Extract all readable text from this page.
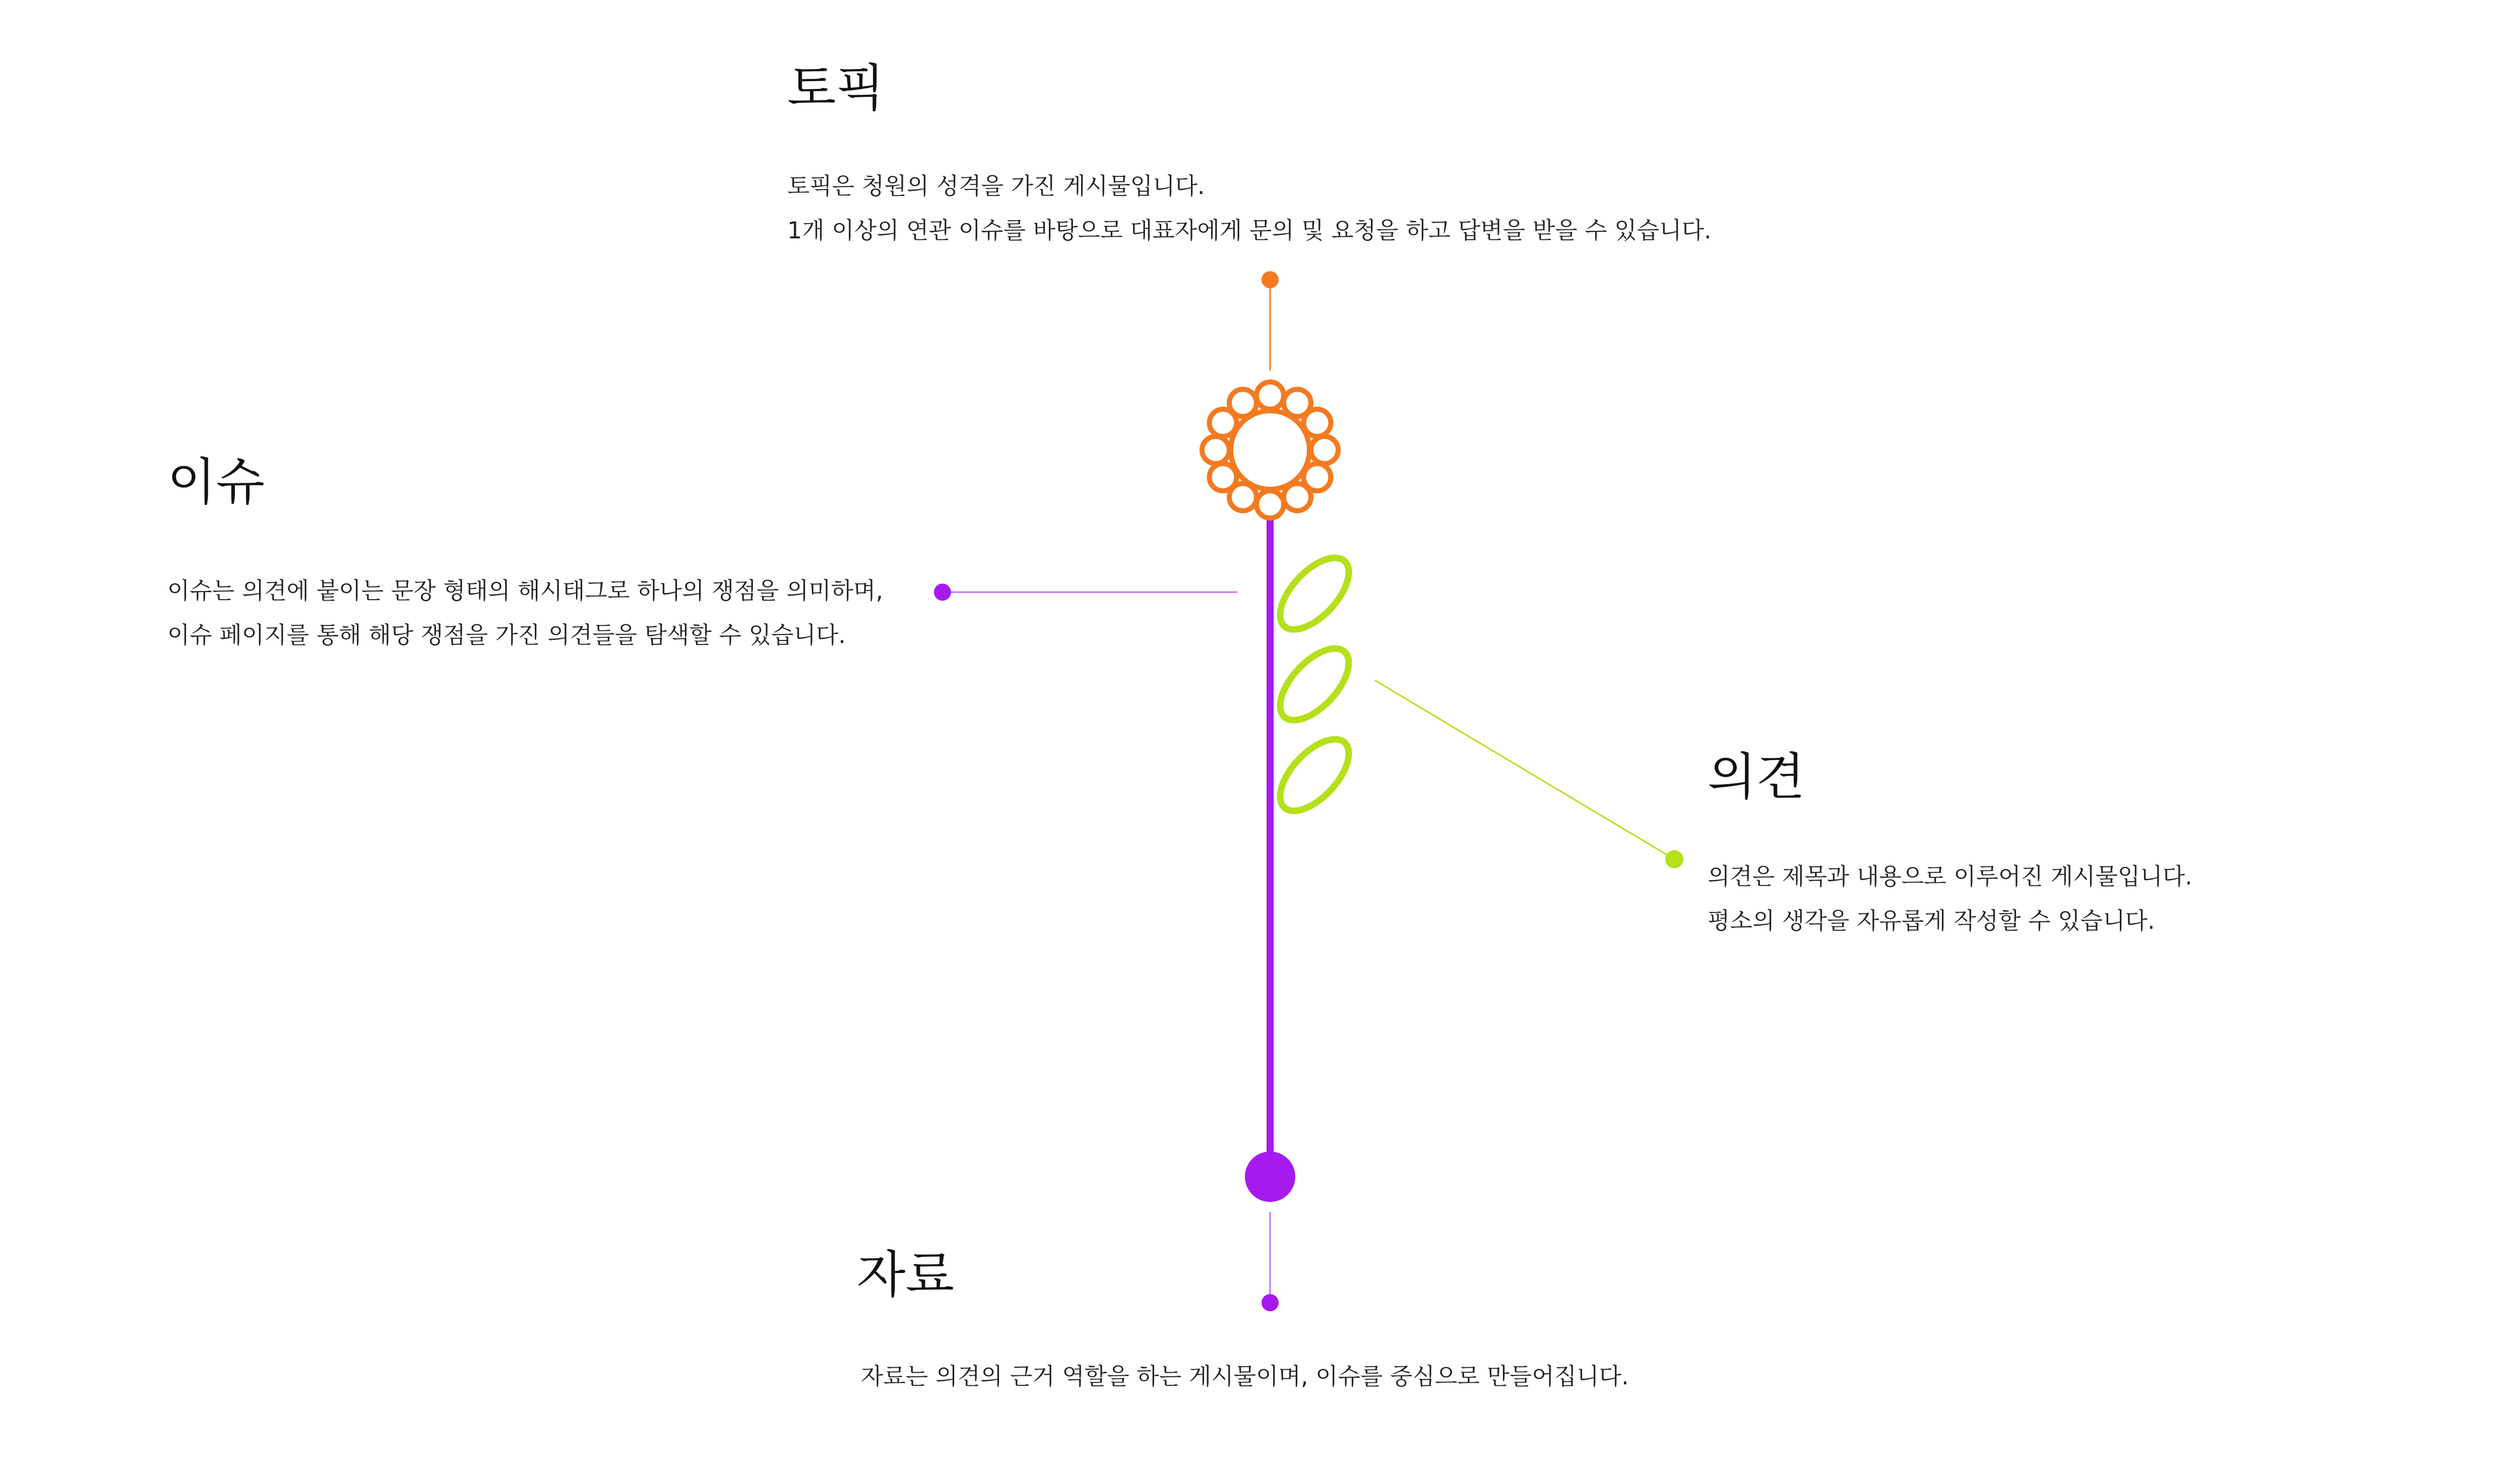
토픽

토픽은 청원의 성격을 가진 게시물입니다.
1개 이상의 연관 이슈를 바탕으로 대표자에게 문의 및 요청을 하고 답변을 받을 수 있습니다.

이슈

이슈는 의견에 붙이는 문장 형태의 해시태그로 하나의 쟁점을 의미하며,
이슈 페이지를 통해 해당 쟁점을 가진 의견들을 탐색할 수 있습니다.

의견

의견은 제목과 내용으로 이루어진 게시물입니다.
평소의 생각을 자유롭게 작성할 수 있습니다.

자료

자료는 의견의 근거 역할을 하는 게시물이며, 이슈를 중심으로 만들어집니다.
